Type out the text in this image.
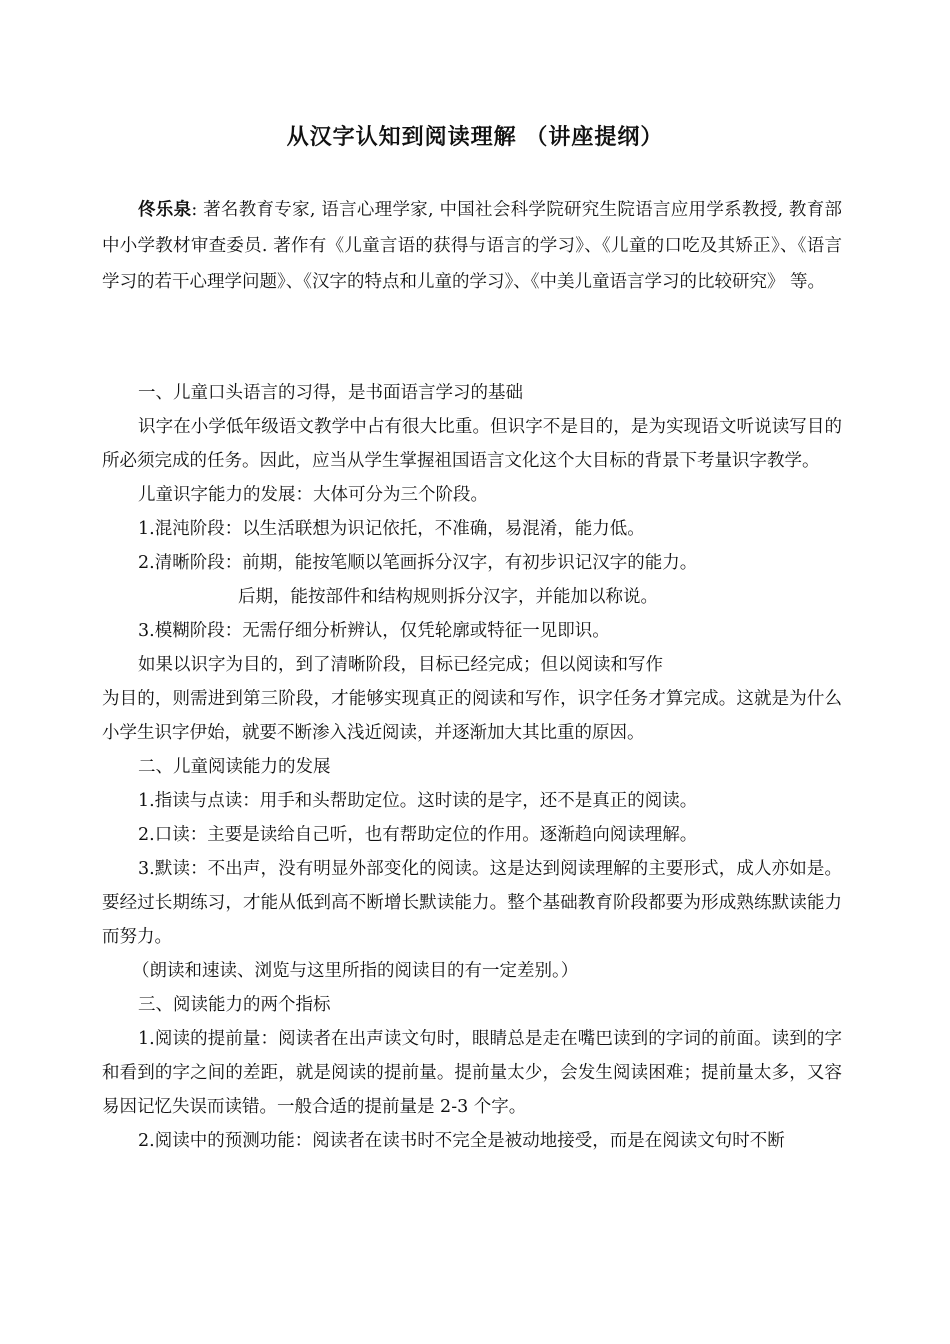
从汉字认知到阅读理解 （讲座提纲）
佟乐泉: 著名教育专家, 语言心理学家, 中国社会科学院研究生院语言应用学系教授, 教育部中小学教材审查委员. 著作有《儿童言语的获得与语言的学习》、《儿童的口吃及其矫正》、《语言学习的若干心理学问题》、《汉字的特点和儿童的学习》、《中美儿童语言学习的比较研究》 等。

一、儿童口头语言的习得，是书面语言学习的基础

识字在小学低年级语文教学中占有很大比重。但识字不是目的，是为实现语文听说读写目的所必须完成的任务。因此，应当从学生掌握祖国语言文化这个大目标的背景下考量识字教学。

儿童识字能力的发展：大体可分为三个阶段。

1.混沌阶段：以生活联想为识记依托，不准确，易混淆，能力低。

2.清晰阶段：前期，能按笔顺以笔画拆分汉字，有初步识记汉字的能力。

后期，能按部件和结构规则拆分汉字，并能加以称说。

3.模糊阶段：无需仔细分析辨认，仅凭轮廓或特征一见即识。

如果以识字为目的，到了清晰阶段，目标已经完成；但以阅读和写作

为目的，则需进到第三阶段，才能够实现真正的阅读和写作，识字任务才算完成。这就是为什么小学生识字伊始，就要不断渗入浅近阅读，并逐渐加大其比重的原因。

二、儿童阅读能力的发展

1.指读与点读：用手和头帮助定位。这时读的是字，还不是真正的阅读。

2.口读：主要是读给自己听，也有帮助定位的作用。逐渐趋向阅读理解。

3.默读：不出声，没有明显外部变化的阅读。这是达到阅读理解的主要形式，成人亦如是。要经过长期练习，才能从低到高不断增长默读能力。整个基础教育阶段都要为形成熟练默读能力而努力。

（朗读和速读、浏览与这里所指的阅读目的有一定差别。）

三、阅读能力的两个指标

1.阅读的提前量：阅读者在出声读文句时，眼睛总是走在嘴巴读到的字词的前面。读到的字和看到的字之间的差距，就是阅读的提前量。提前量太少，会发生阅读困难；提前量太多，又容易因记忆失误而读错。一般合适的提前量是 2-3 个字。

2.阅读中的预测功能：阅读者在读书时不完全是被动地接受，而是在阅读文句时不断
